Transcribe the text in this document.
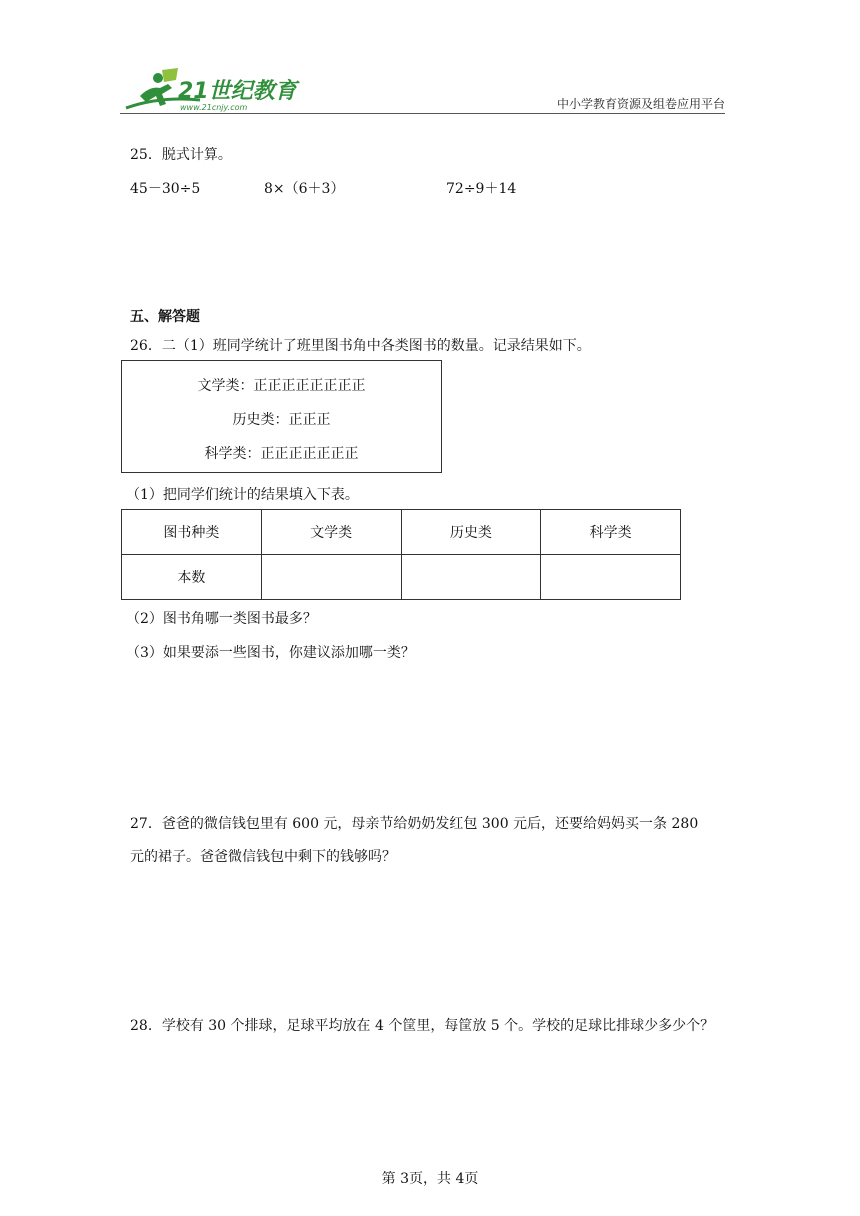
21世纪教育
www.21cnjy.com	中小学教育资源及组卷应用平台
25．脱式计算。
45－30÷5	8×（6＋3）	72÷9＋14
五、解答题
26．二（1）班同学统计了班里图书角中各类图书的数量。记录结果如下。
文学类：正正正正正正正正
历史类：正正正
科学类：正正正正正正正
（1）把同学们统计的结果填入下表。
图书种类	文学类	历史类	科学类
本数			
（2）图书角哪一类图书最多？
（3）如果要添一些图书，你建议添加哪一类？
27．爸爸的微信钱包里有 600 元，母亲节给奶奶发红包 300 元后，还要给妈妈买一条 280
元的裙子。爸爸微信钱包中剩下的钱够吗？
28．学校有 30 个排球，足球平均放在 4 个筐里，每筐放 5 个。学校的足球比排球少多少个？
第 3页，共 4页
